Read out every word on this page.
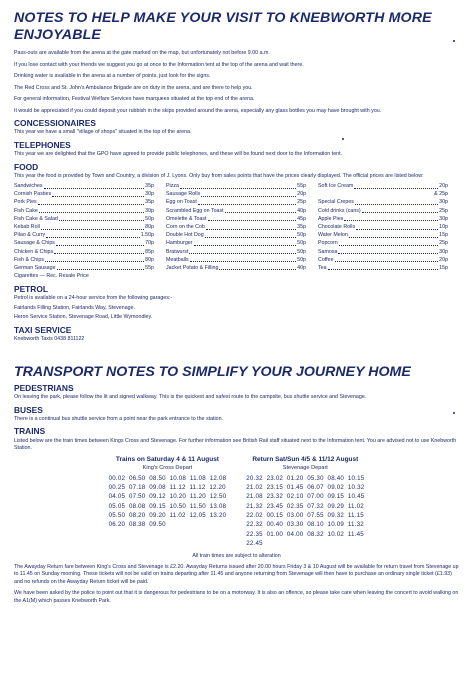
NOTES TO HELP MAKE YOUR VISIT TO KNEBWORTH MORE ENJOYABLE

Pass-outs are available from the arena at the gate marked on the map, but unfortunately not before 9.00 a.m.

If you lose contact with your friends we suggest you go at once to the Information tent at the top of the arena and wait there.

Drinking water is available in the arena at a number of points, just look for the signs.

The Red Cross and St. John's Ambulance Brigade are on duty in the arena, and are there to help you.

For general information, Festival Welfare Services have marquees situated at the top end of the arena.

It would be appreciated if you could deposit your rubbish in the skips provided around the arena, especially any glass bottles you may have brought with you.

CONCESSIONAIRES

This year we have a small "village of shops" situated in the top of the arena.

TELEPHONES

This year we are delighted that the GPO have agreed to provide public telephones, and these will be found next door to the Information tent.

FOOD

This year the food is provided by Town and Country, a division of J. Lyons. Only buy from sales points that have the prices clearly displayed. The official prices are listed below:

Sandwiches	35p
Cornish Pasties	30p
Pork Pies	35p
Fish Cake	30p
Fish Cake & Salad	50p
Kebab Roll	80p
Pilao & Curry	1.50p
Sausage & Chips	70p
Chicken & Chips	85p
Fish & Chips	80p
German Sausage	55p
Pizza	55p
Sausage Rolls	20p
Egg on Toast	25p
Scrambled Egg on Toast	40p
Omelette & Toast	45p
Corn on the Cob	35p
Double Hot Dog	50p
Hamburger	50p
Bratwurst	50p
Meatballs	50p
Jacket Potato & Filling	40p
Soft Ice Cream	20p
& 25p
Special Crepes	30p
Cold drinks (cans)	25p
Apple Pies	30p
Chocolate Rolls	10p
Water Melon	15p
Popcorn	25p
Samosa	30p
Coffee	20p
Tea	15p

Cigarettes — Rec. Resale Price

PETROL

Petrol is available on a 24-hour service from the following garages:-

Fairlands Filling Station, Fairlands Way, Stevenage.

Heron Service Station, Stevenage Road, Little Wymondley.

TAXI SERVICE

Knebworth Taxis 0438 811122

TRANSPORT NOTES TO SIMPLIFY YOUR JOURNEY HOME
PEDESTRIANS

On leaving the park, please follow the lit and signed walkway. This is the quickest and safest route to the campsite, bus shuttle service and Stevenage.

BUSES

There is a continual bus shuttle service from a point near the park entrance to the station.

TRAINS

Listed below are the train times between Kings Cross and Stevenage. For further information see British Rail staff situated next to the Information tent. You are advised not to use Knebworth Station.

Trains on Saturday 4 & 11 August
King's Cross Depart
00.02  06.50  08.50  10.08  11.08  12.08
00.25  07.18  09.08  11.12  11.12  12.20
04.05  07.50  09.12  10.20  11.20  12.50
05.05  08.08  09.15  10.50  11.50  13.08
05.50  08.20  09.20  11.02  12.05  13.20
06.20  08.38  09.50
Return Sat/Sun 4/5 & 11/12 August
Stevenage Depart
20.32  23.02  01.20  05.30  08.40  10.15
21.02  23.15  01.45  06.07  09.02  10.32
21.08  23.32  02.10  07.00  09.15  10.45
21.32  23.45  02.35  07.32  09.29  11.02
22.02  00.15  03.00  07.55  09.32  11.15
22.32  00.40  03.30  08.10  10.09  11.32
22.35  01.00  04.00  08.32  10.02  11.45
22.45
All train times are subject to alteration

The Awayday Return fare between King's Cross and Stevenage is £2.20. Awayday Returns issued after 20.00 hours Friday 3 & 10 August will be available for return travel from Stevenage up to 11.45 on Sunday morning. These tickets will not be valid on trains departing after 11.45 and anyone returning from Stevenage will then have to purchase an ordinary single ticket (£1.93) and no refunds on the Awayday Return ticket will be paid.

We have been asked by the police to point out that it is dangerous for pedestrians to be on a motorway. It is also an offence, so please take care when leaving the concert to avoid walking on the A1(M) which passes Knebworth Park.
